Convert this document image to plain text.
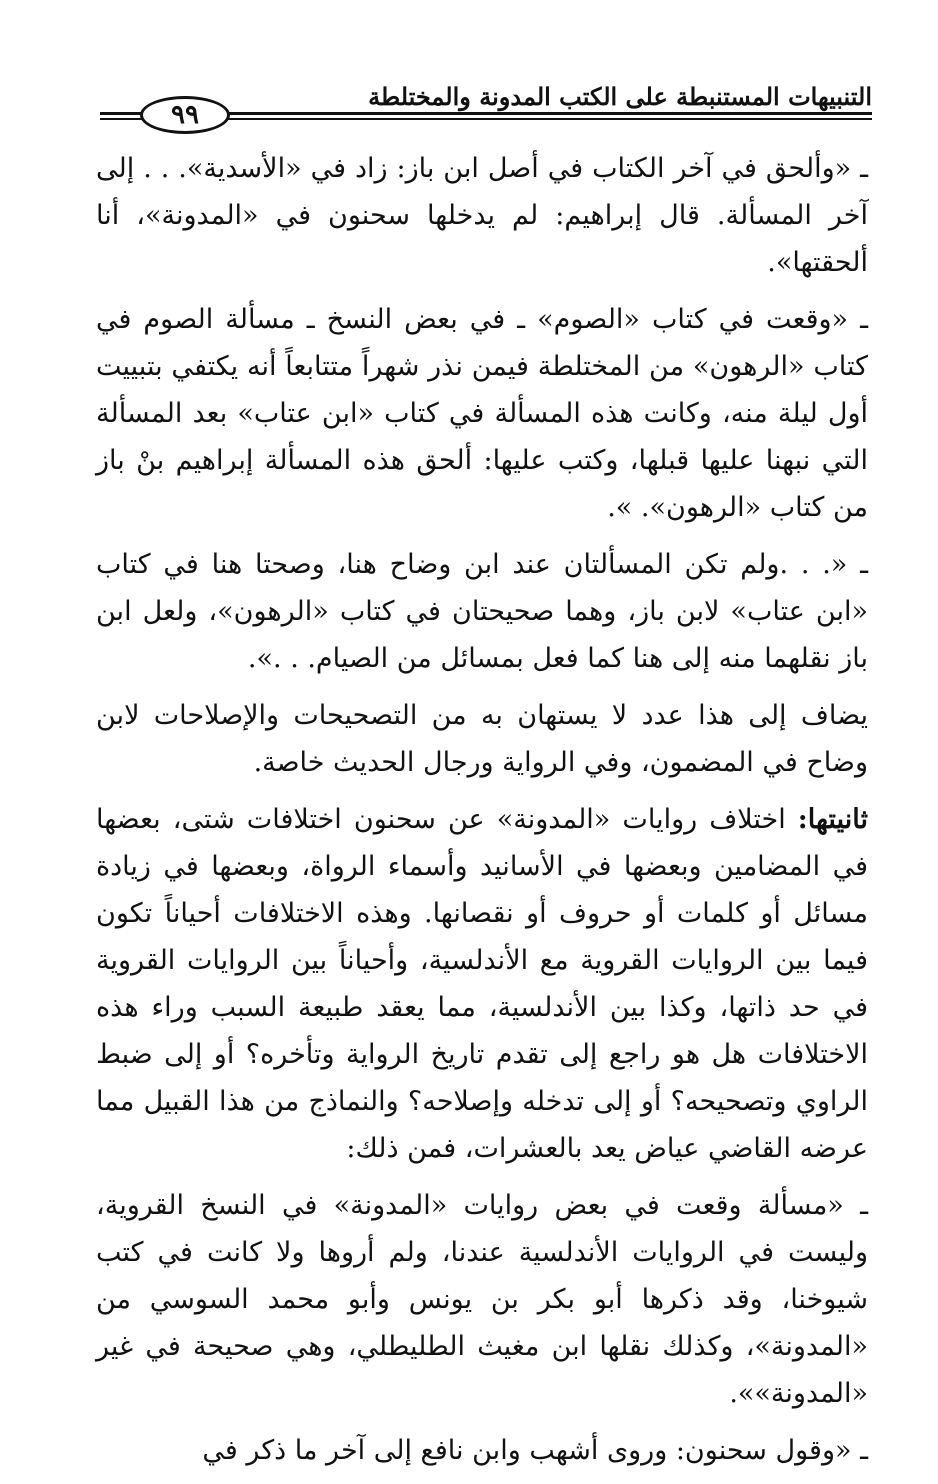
التنبيهات المستنبطة على الكتب المدونة والمختلطة
٩٩

ـ «وألحق في آخر الكتاب في أصل ابن باز: زاد في «الأسدية». . . إلى آخر المسألة. قال إبراهيم: لم يدخلها سحنون في «المدونة»، أنا ألحقتها».

ـ «وقعت في كتاب «الصوم» ـ في بعض النسخ ـ مسألة الصوم في كتاب «الرهون» من المختلطة فيمن نذر شهراً متتابعاً أنه يكتفي بتبييت أول ليلة منه، وكانت هذه المسألة في كتاب «ابن عتاب» بعد المسألة التي نبهنا عليها قبلها، وكتب عليها: ألحق هذه المسألة إبراهيم بنْ باز من كتاب «الرهون». ».

ـ «. . .ولم تكن المسألتان عند ابن وضاح هنا، وصحتا هنا في كتاب «ابن عتاب» لابن باز، وهما صحيحتان في كتاب «الرهون»، ولعل ابن باز نقلهما منه إلى هنا كما فعل بمسائل من الصيام. . .».

يضاف إلى هذا عدد لا يستهان به من التصحيحات والإصلاحات لابن وضاح في المضمون، وفي الرواية ورجال الحديث خاصة.

ثانيتها: اختلاف روايات «المدونة» عن سحنون اختلافات شتى، بعضها في المضامين وبعضها في الأسانيد وأسماء الرواة، وبعضها في زيادة مسائل أو كلمات أو حروف أو نقصانها. وهذه الاختلافات أحياناً تكون فيما بين الروايات القروية مع الأندلسية، وأحياناً بين الروايات القروية في حد ذاتها، وكذا بين الأندلسية، مما يعقد طبيعة السبب وراء هذه الاختلافات هل هو راجع إلى تقدم تاريخ الرواية وتأخره؟ أو إلى ضبط الراوي وتصحيحه؟ أو إلى تدخله وإصلاحه؟ والنماذج من هذا القبيل مما عرضه القاضي عياض يعد بالعشرات، فمن ذلك:

ـ «مسألة وقعت في بعض روايات «المدونة» في النسخ القروية، وليست في الروايات الأندلسية عندنا، ولم أروها ولا كانت في كتب شيوخنا، وقد ذكرها أبو بكر بن يونس وأبو محمد السوسي من «المدونة»، وكذلك نقلها ابن مغيث الطليطلي، وهي صحيحة في غير «المدونة»».

ـ «وقول سحنون: وروى أشهب وابن نافع إلى آخر ما ذكر في
